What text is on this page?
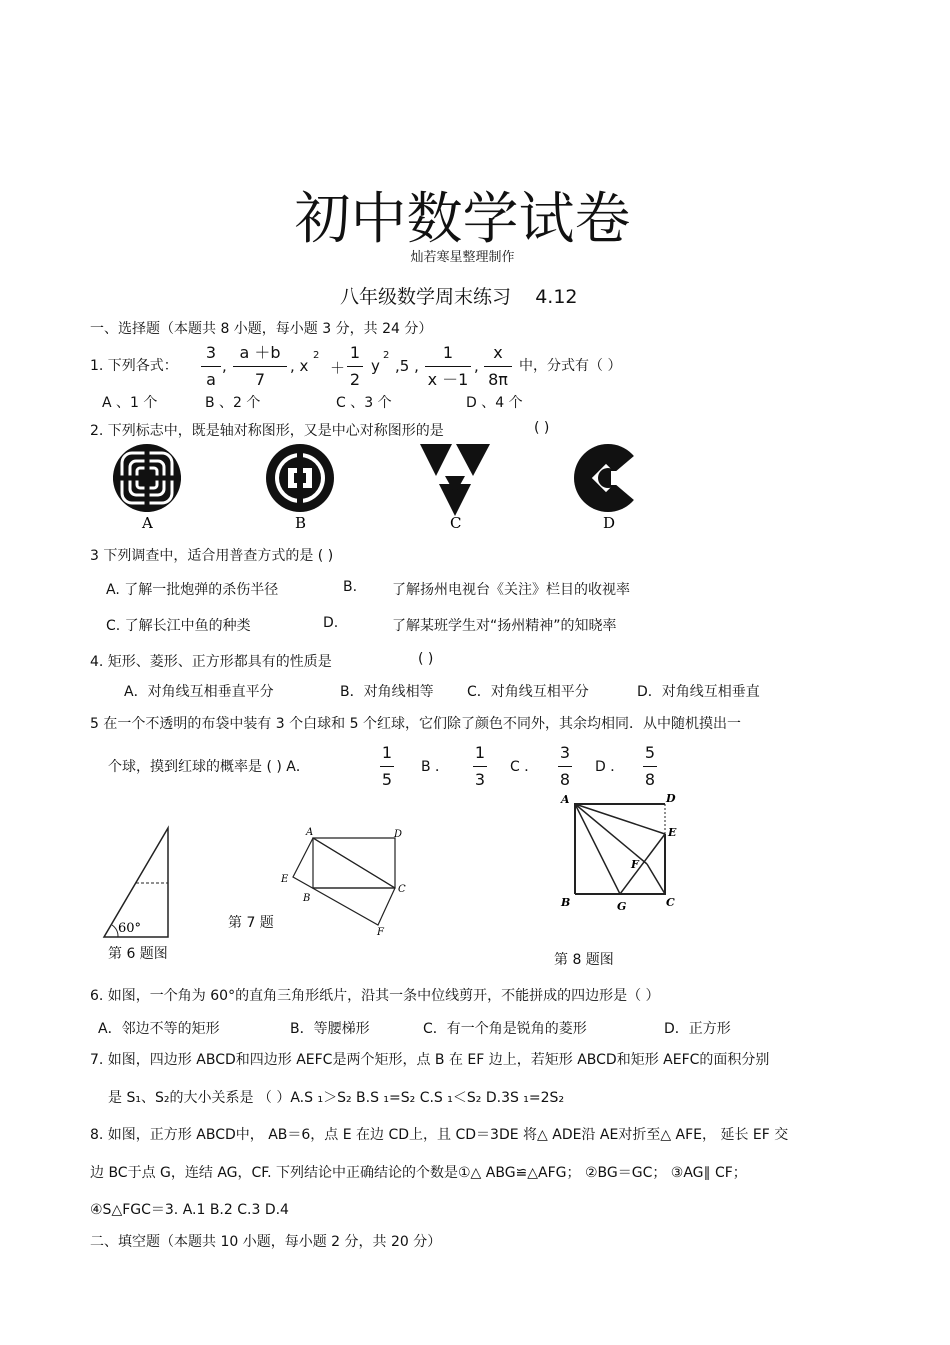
初中数学试卷
灿若寒星整理制作
八年级数学周末练习 4.12
一、选择题（本题共 8 小题，每小题 3 分，共 24 分）
1. 下列各式：
3
a
,
a ＋b
7
, x
2
＋
1
2
y
2
,5 ,
1
x －1
,
x
8π
中，分式有（ ）
A 、1 个	B 、2 个	C 、3 个	D 、4 个
2. 下列标志中，既是轴对称图形，又是中心对称图形的是	( )
A	B	C	D
3 下列调查中，适合用普查方式的是 ( )
A. 了解一批炮弹的杀伤半径	B. 了解扬州电视台《关注》栏目的收视率
C. 了解长江中鱼的种类	D.	了解某班学生对“扬州精神”的知晓率
4. 矩形、菱形、正方形都具有的性质是	( )
A．对角线互相垂直平分	B．对角线相等 C．对角线互相平分	D．对角线互相垂直
5 在一个不透明的布袋中装有 3 个白球和 5 个红球，它们除了颜色不同外，其余均相同．从中随机摸出一
个球，摸到红球的概率是 ( ) A．
1
5
B ．
1
3
C ．
3
8
D ．
5
8
60°
第 6 题图
A	D
E
B
C
F
第 7 题
A	D
E
F
B	G	C
第 8 题图
6. 如图，一个角为 60°的直角三角形纸片，沿其一条中位线剪开，不能拼成的四边形是（ ）
A．邻边不等的矩形	B．等腰梯形	C．有一个角是锐角的菱形	D．正方形
7. 如图，四边形 ABCD和四边形 AEFC是两个矩形，点 B 在 EF 边上，若矩形 ABCD和矩形 AEFC的面积分别
是 S₁、S₂的大小关系是 （ ）A.S ₁＞S₂ B.S ₁=S₂ C.S ₁＜S₂ D.3S ₁=2S₂
8. 如图，正方形 ABCD中， AB＝6，点 E 在边 CD上，且 CD＝3DE 将△ ADE沿 AE对折至△ AFE， 延长 EF 交
边 BC于点 G，连结 AG，CF. 下列结论中正确结论的个数是①△ ABG≌△AFG； ②BG＝GC； ③AG∥ CF；
④S△FGC＝3. A.1 B.2 C.3 D.4
二、填空题（本题共 10 小题，每小题 2 分，共 20 分）
